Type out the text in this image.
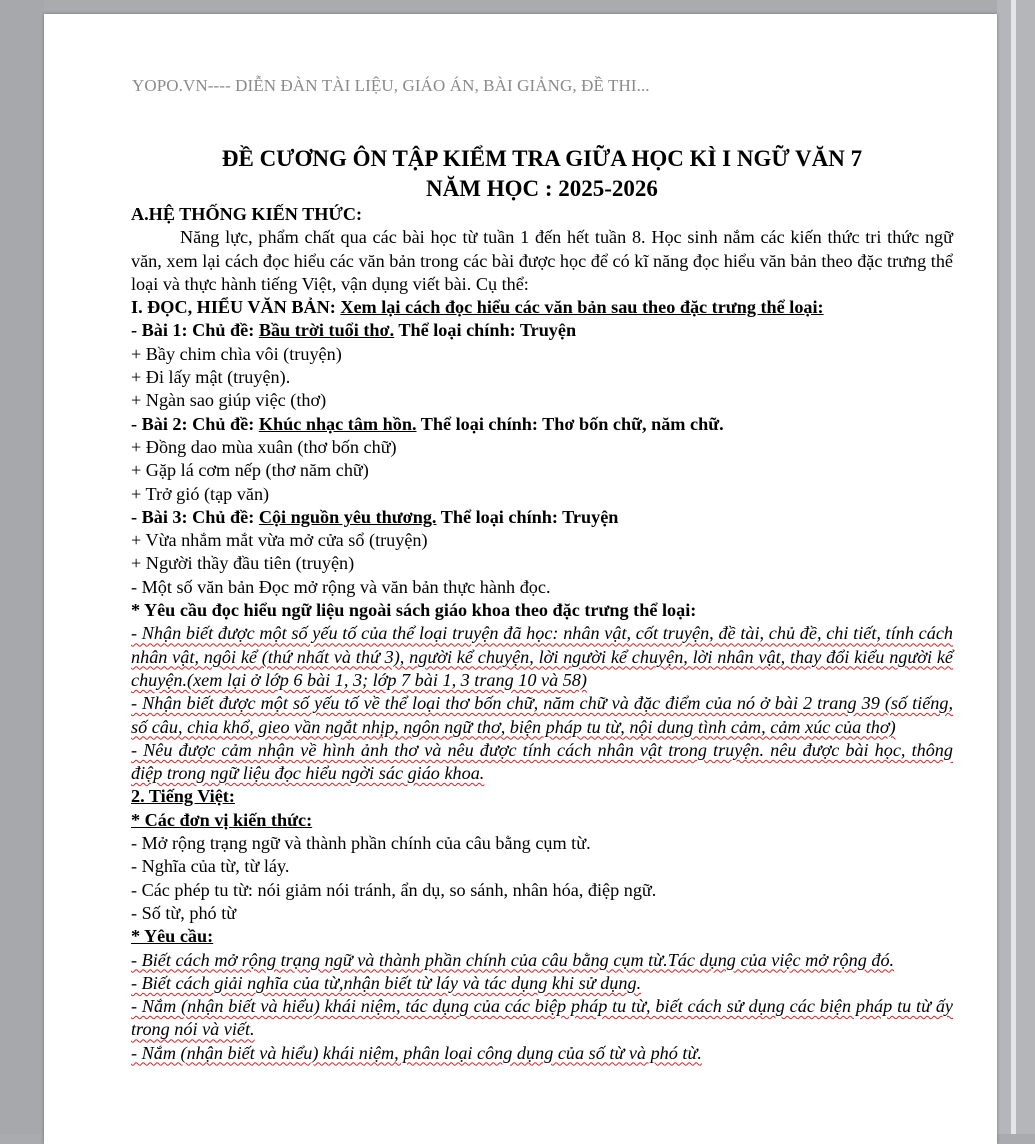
YOPO.VN---- DIỄN ĐÀN TÀI LIỆU, GIÁO ÁN, BÀI GIẢNG, ĐỀ THI...
ĐỀ CƯƠNG ÔN TẬP KIỂM TRA GIỮA HỌC KÌ I NGỮ VĂN 7
NĂM HỌC : 2025-2026

A.HỆ THỐNG KIẾN THỨC:

Năng lực, phẩm chất qua các bài học từ tuần 1 đến hết tuần 8. Học sinh nắm các kiến thức tri thức ngữ văn, xem lại cách đọc hiểu các văn bản trong các bài được học để có kĩ năng đọc hiểu văn bản theo đặc trưng thể loại và thực hành tiếng Việt, vận dụng viết bài. Cụ thể:

I. ĐỌC, HIỂU VĂN BẢN: Xem lại cách đọc hiểu các văn bản sau theo đặc trưng thể loại:

- Bài 1: Chủ đề: Bầu trời tuổi thơ. Thể loại chính: Truyện

+ Bầy chim chìa vôi (truyện)

+ Đi lấy mật (truyện).

+ Ngàn sao giúp việc (thơ)

- Bài 2: Chủ đề: Khúc nhạc tâm hồn. Thể loại chính: Thơ bốn chữ, năm chữ.

+ Đồng dao mùa xuân (thơ bốn chữ)

+ Gặp lá cơm nếp (thơ năm chữ)

+ Trở gió (tạp văn)

- Bài 3: Chủ đề: Cội nguồn yêu thương. Thể loại chính: Truyện

+ Vừa nhắm mắt vừa mở cửa sổ (truyện)

+ Người thầy đầu tiên (truyện)

- Một số văn bản Đọc mở rộng và văn bản thực hành đọc.

* Yêu cầu đọc hiểu ngữ liệu ngoài sách giáo khoa theo đặc trưng thể loại:

- Nhận biết được một số yếu tố của thể loại truyện đã học: nhân vật, cốt truyện, đề tài, chủ đề, chi tiết, tính cách nhân vật, ngôi kể (thứ nhất và thứ 3), người kể chuyện, lời người kể chuyện, lời nhân vật, thay đổi kiểu người kể chuyện.(xem lại ở lớp 6 bài 1, 3; lớp 7 bài 1, 3 trang 10 và 58)

- Nhận biết được một số yếu tố về thể loại thơ bốn chữ, năm chữ và đặc điểm của nó ở bài 2 trang 39 (số tiếng, số câu, chia khổ, gieo vần ngắt nhịp, ngôn ngữ thơ, biện pháp tu từ, nội dung tình cảm, cảm xúc của thơ)

- Nêu được cảm nhận về hình ảnh thơ và nêu được tính cách nhân vật trong truyện. nêu được bài học, thông điệp trong ngữ liệu đọc hiểu ngời sác giáo khoa.

2. Tiếng Việt:

* Các đơn vị kiến thức:

- Mở rộng trạng ngữ và thành phần chính của câu bằng cụm từ.

- Nghĩa của từ, từ láy.

- Các phép tu từ: nói giảm nói tránh, ẩn dụ, so sánh, nhân hóa, điệp ngữ.

- Số từ, phó từ

* Yêu cầu:

- Biết cách mở rộng trạng ngữ và thành phần chính của câu bằng cụm từ.Tác dụng của việc mở rộng đó.

- Biết cách giải nghĩa của từ,nhận biết từ láy và tác dụng khi sử dụng.

- Nắm (nhận biết và hiểu) khái niệm, tác dụng của các biệp pháp tu từ, biết cách sử dụng các biện pháp tu từ ấy trong nói và viết.

- Nắm (nhận biết và hiểu) khái niệm, phân loại công dụng của số từ và phó từ.
